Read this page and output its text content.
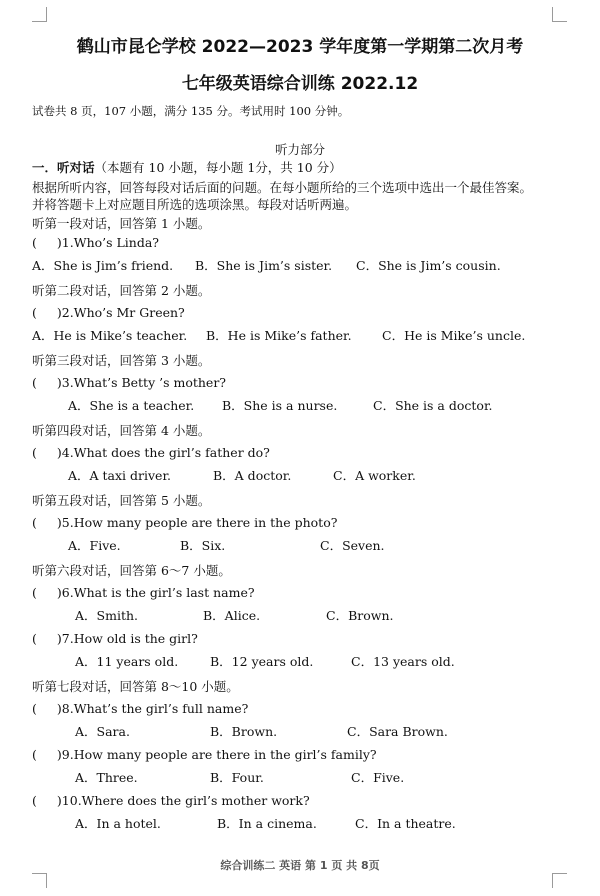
鹤山市昆仑学校 2022—2023 学年度第一学期第二次月考
七年级英语综合训练 2022.12
试卷共 8 页，107 小题，满分 135 分。考试用时 100 分钟。
听力部分
一．听对话（本题有 10 小题，每小题 1分，共 10 分）
根据所听内容，回答每段对话后面的问题。在每小题所给的三个选项中选出一个最佳答案。并将答题卡上对应题目所选的选项涂黑。每段对话听两遍。
听第一段对话，回答第 1 小题。
( )1.Who’s Linda?
A．She is Jim’s friend. B．She is Jim’s sister. C．She is Jim’s cousin.
听第二段对话，回答第 2 小题。
( )2.Who’s Mr Green?
A．He is Mike’s teacher. B．He is Mike’s father. C．He is Mike’s uncle.
听第三段对话，回答第 3 小题。
( )3.What’s Betty ’s mother?
A．She is a teacher. B．She is a nurse.	C．She is a doctor.
听第四段对话，回答第 4 小题。
( )4.What does the girl’s father do?
A．A taxi driver.	B．A doctor.	C．A worker.
听第五段对话，回答第 5 小题。
( )5.How many people are there in the photo?
A．Five.	B．Six.	C．Seven.
听第六段对话，回答第 6～7 小题。
( )6.What is the girl’s last name?
A．Smith.	B．Alice.	C．Brown.
( )7.How old is the girl?
A．11 years old.	B．12 years old.	C．13 years old.
听第七段对话，回答第 8～10 小题。
( )8.What’s the girl’s full name?
A．Sara.	B．Brown.	C．Sara Brown.
( )9.How many people are there in the girl’s family?
A．Three.	B．Four.	C．Five.
( )10.Where does the girl’s mother work?
A．In a hotel.	B．In a cinema.	C．In a theatre.
综合训练二 英语 第 1 页 共 8页
